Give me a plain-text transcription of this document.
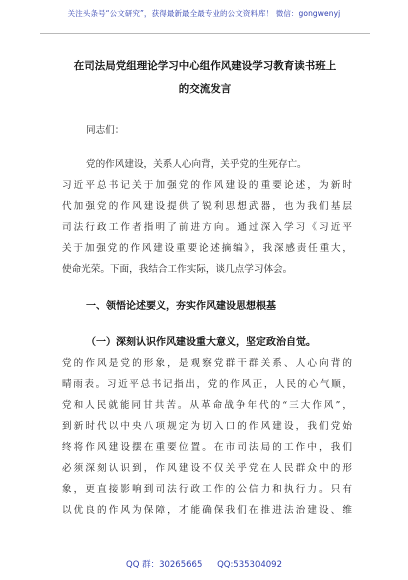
关注头条号“公文研究”，获得最新最全最专业的公文资料库！ 微信：gongwenyj
在司法局党组理论学习中心组作风建设学习教育读书班上
的交流发言
同志们：
党的作风建设，关系人心向背，关乎党的生死存亡。
习近平总书记关于加强党的作风建设的重要论述，为新时
代加强党的作风建设提供了锐利思想武器，也为我们基层
司法行政工作者指明了前进方向。通过深入学习《习近平
关于加强党的作风建设重要论述摘编》，我深感责任重大，
使命光荣。下面，我结合工作实际，谈几点学习体会。
一、领悟论述要义，夯实作风建设思想根基
（一）深刻认识作风建设重大意义，坚定政治自觉。
党的作风是党的形象，是观察党群干群关系、人心向背的
晴雨表。习近平总书记指出，党的作风正，人民的心气顺，
党和人民就能同甘共苦。从革命战争年代的“三大作风”，
到新时代以中央八项规定为切入口的作风建设，我们党始
终将作风建设摆在重要位置。在市司法局的工作中，我们
必须深刻认识到，作风建设不仅关乎党在人民群众中的形
象，更直接影响到司法行政工作的公信力和执行力。只有
以优良的作风为保障，才能确保我们在推进法治建设、维
QQ 群：30265665 QQ:535304092
